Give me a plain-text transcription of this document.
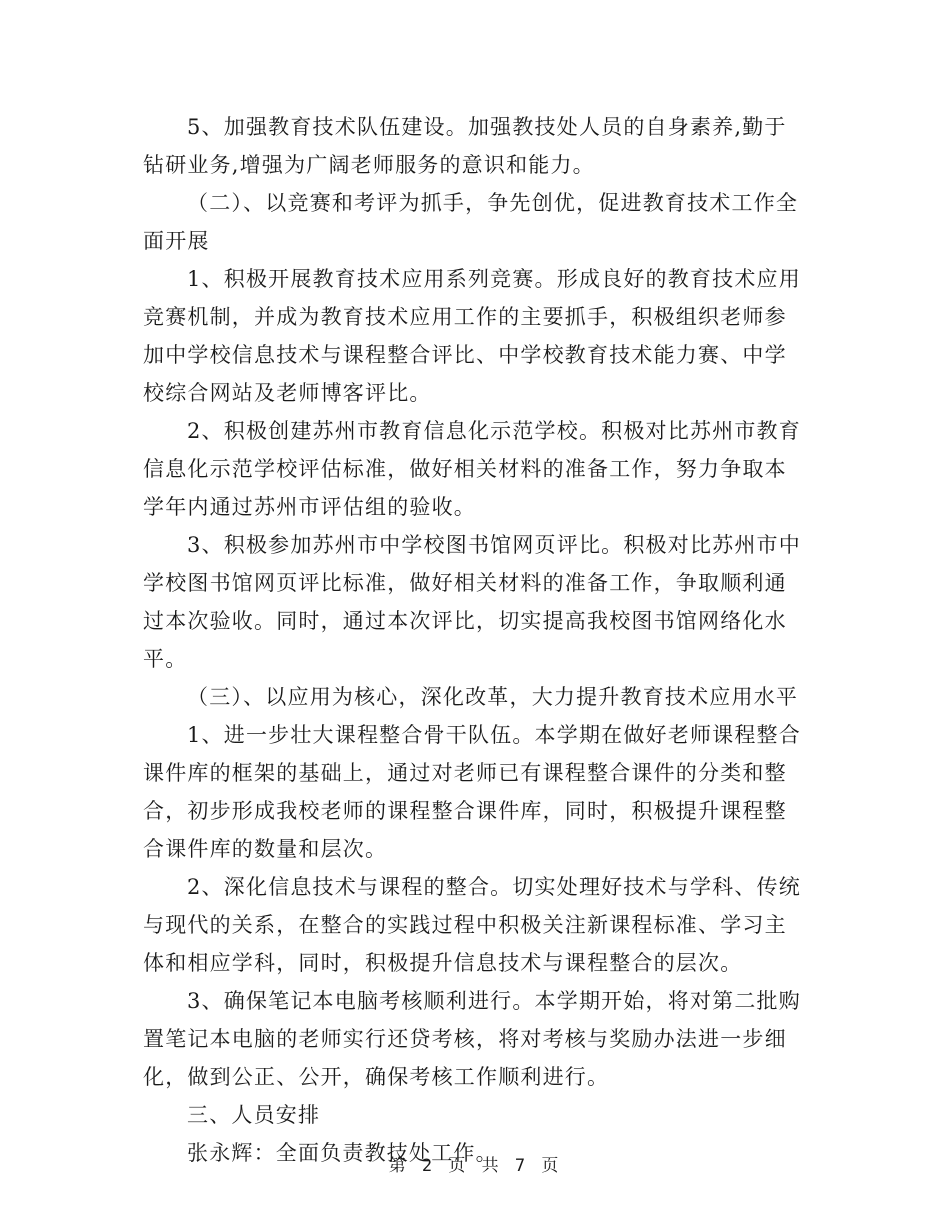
5、加强教育技术队伍建设。加强教技处人员的自身素养,勤于钻研业务,增强为广阔老师服务的意识和能力。

（二）、以竞赛和考评为抓手，争先创优，促进教育技术工作全面开展

1、积极开展教育技术应用系列竞赛。形成良好的教育技术应用竞赛机制，并成为教育技术应用工作的主要抓手，积极组织老师参加中学校信息技术与课程整合评比、中学校教育技术能力赛、中学校综合网站及老师博客评比。

2、积极创建苏州市教育信息化示范学校。积极对比苏州市教育信息化示范学校评估标准，做好相关材料的准备工作，努力争取本学年内通过苏州市评估组的验收。

3、积极参加苏州市中学校图书馆网页评比。积极对比苏州市中学校图书馆网页评比标准，做好相关材料的准备工作，争取顺利通过本次验收。同时，通过本次评比，切实提高我校图书馆网络化水平。

（三）、以应用为核心，深化改革，大力提升教育技术应用水平

1、进一步壮大课程整合骨干队伍。本学期在做好老师课程整合课件库的框架的基础上，通过对老师已有课程整合课件的分类和整合，初步形成我校老师的课程整合课件库，同时，积极提升课程整合课件库的数量和层次。

2、深化信息技术与课程的整合。切实处理好技术与学科、传统与现代的关系，在整合的实践过程中积极关注新课程标准、学习主体和相应学科，同时，积极提升信息技术与课程整合的层次。

3、确保笔记本电脑考核顺利进行。本学期开始，将对第二批购置笔记本电脑的老师实行还贷考核，将对考核与奖励办法进一步细化，做到公正、公开，确保考核工作顺利进行。

三、人员安排

张永辉：全面负责教技处工作。

第 2 页 共 7 页
